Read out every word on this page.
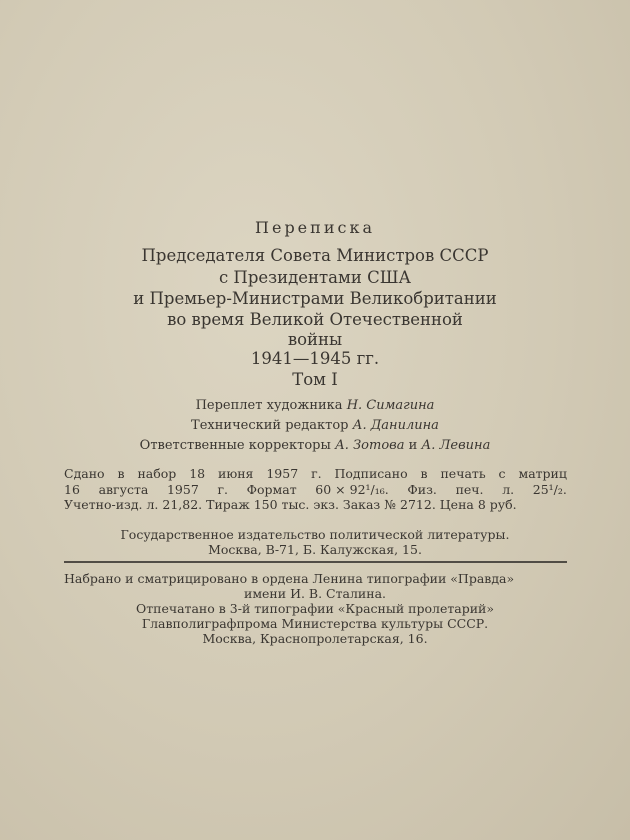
Переписка
Председателя Совета Министров СССР
с Президентами США
и Премьер-Министрами Великобритании
во время Великой Отечественной
войны
1941—1945 гг.
Том I
Переплет художника Н. Симагина
Технический редактор А. Данилина
Ответственные корректоры А. Зотова и А. Левина
Сдано в набор 18 июня 1957 г. Подписано в печать с матриц
16 августа 1957 г. Формат 60 × 92¹/₁₆. Физ. печ. л. 25¹/₂.
Учетно-изд. л. 21,82. Тираж 150 тыс. экз. Заказ № 2712. Цена 8 руб.
Государственное издательство политической литературы.
Москва, В-71, Б. Калужская, 15.
Набрано и сматрицировано в ордена Ленина типографии «Правда»
имени И. В. Сталина.
Отпечатано в 3-й типографии «Красный пролетарий»
Главполиграфпрома Министерства культуры СССР.
Москва, Краснопролетарская, 16.
